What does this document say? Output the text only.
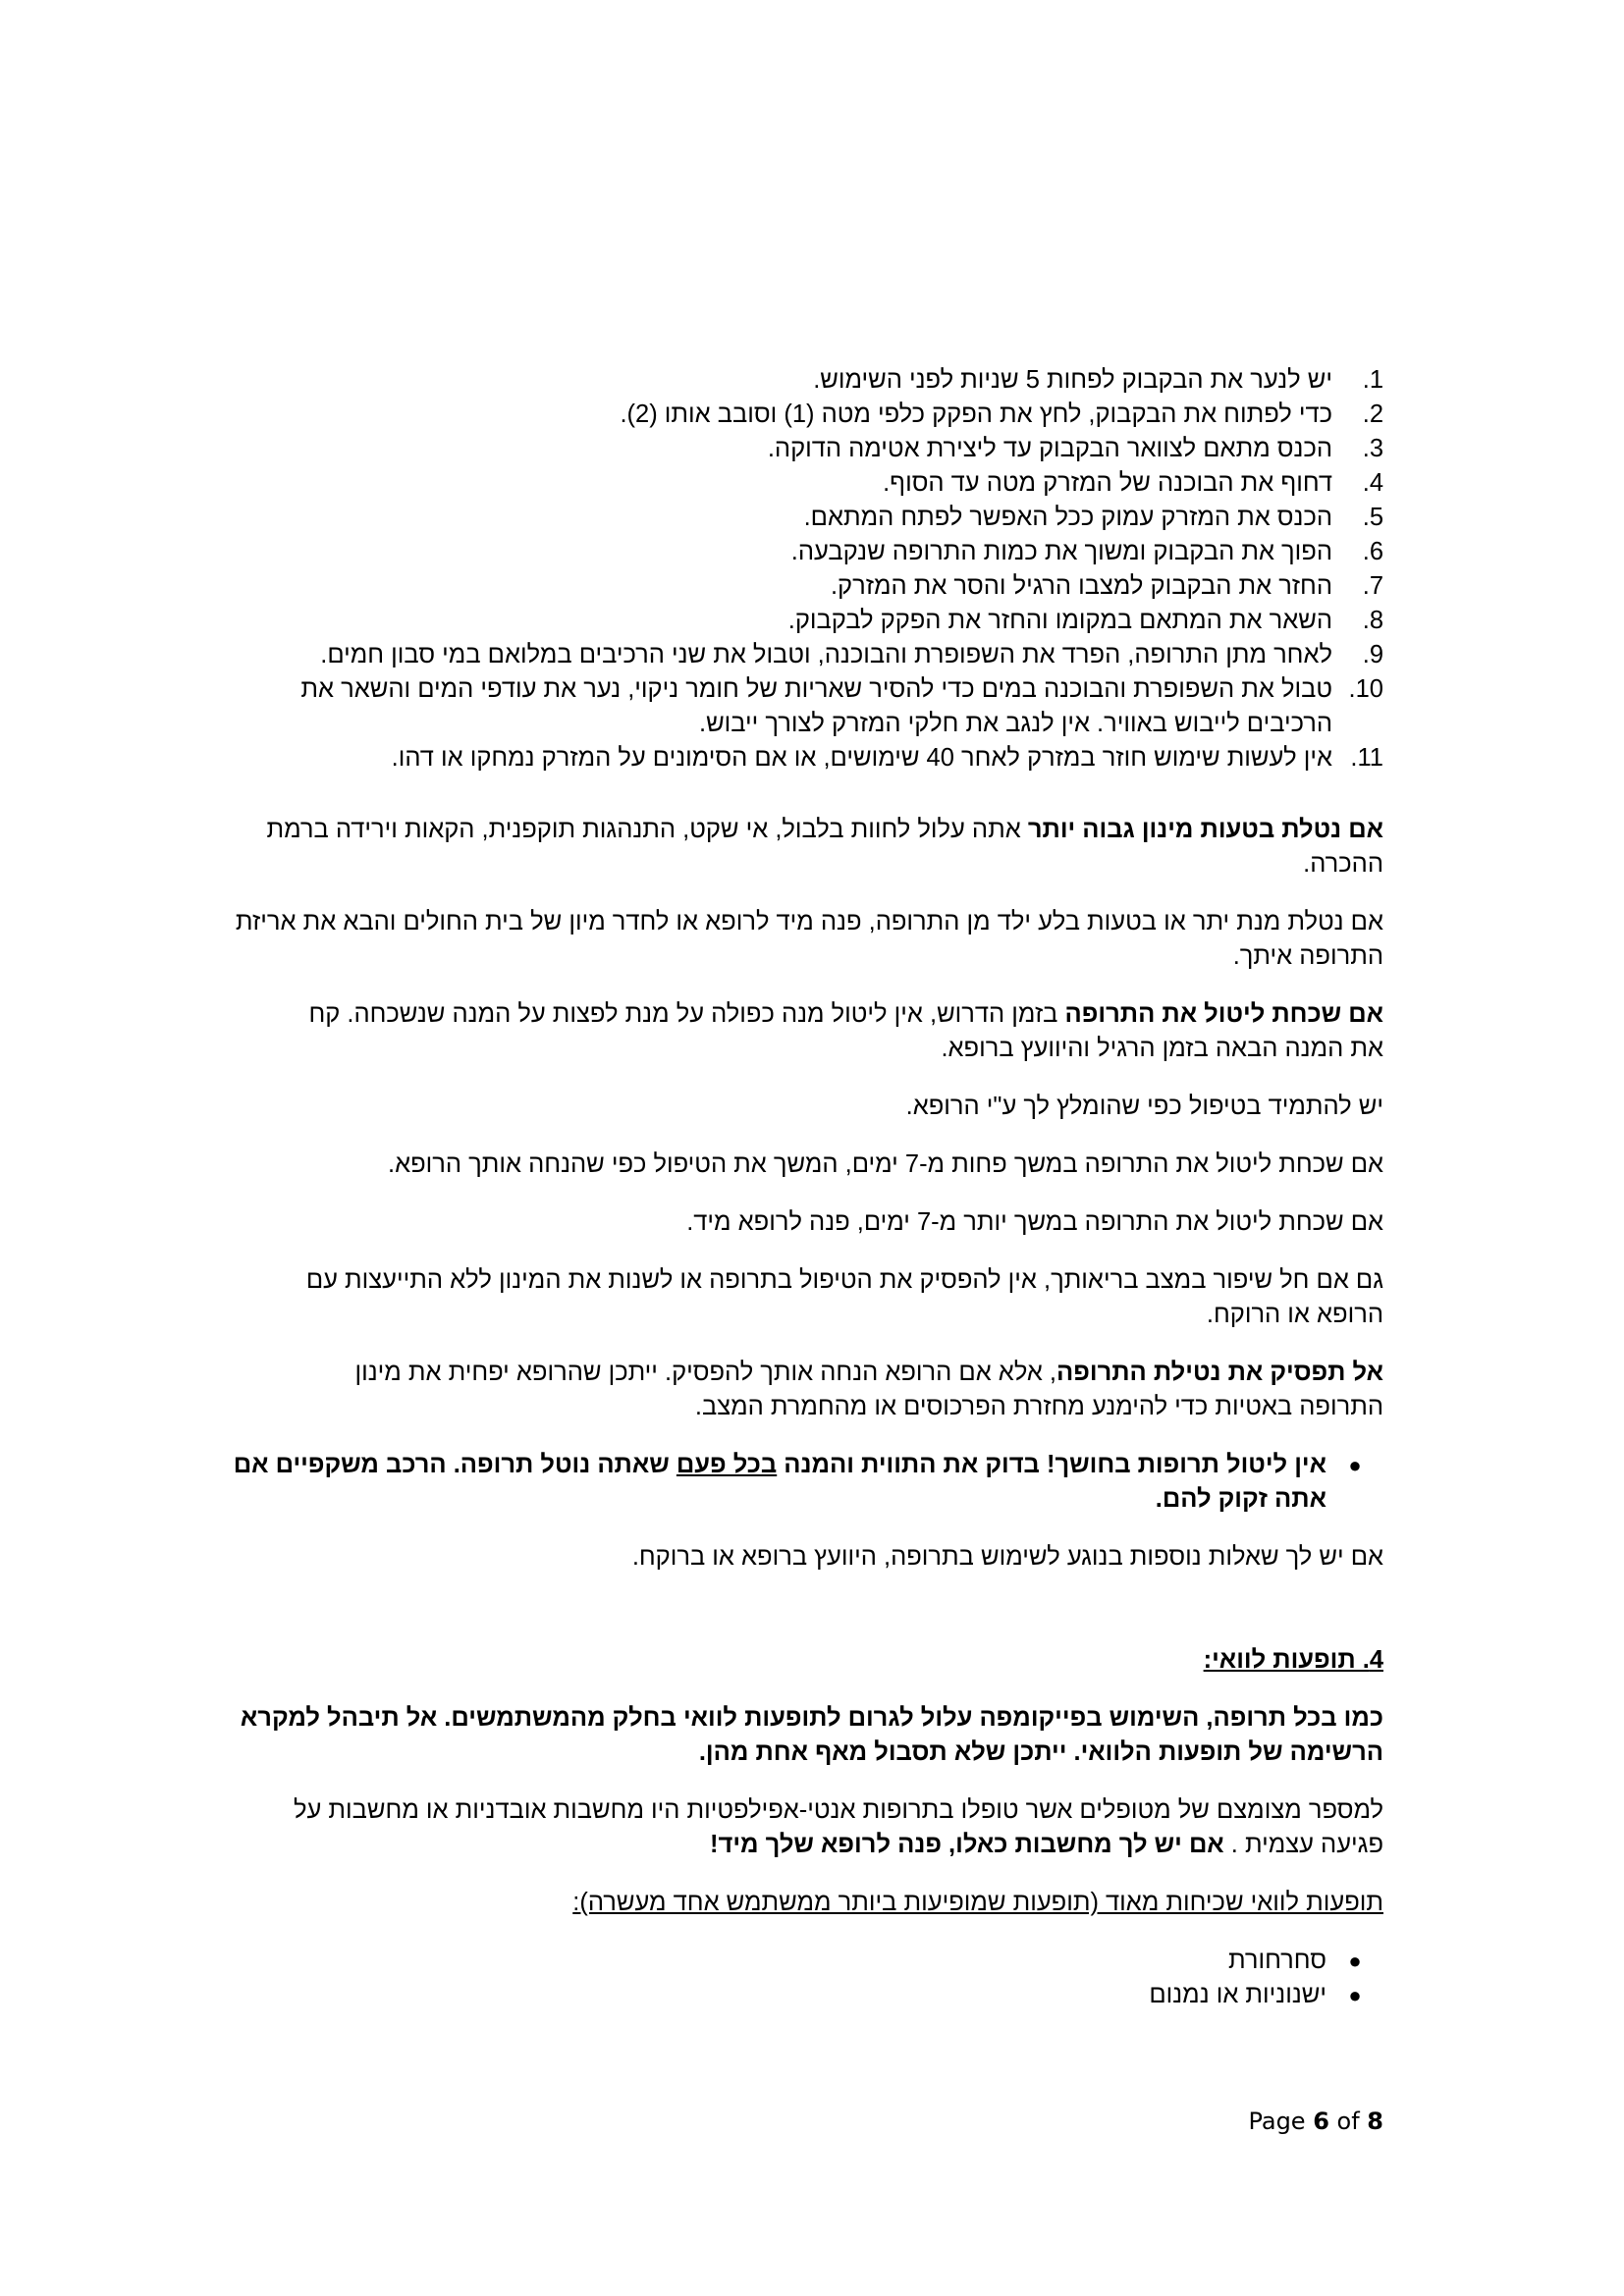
1.
יש לנער את הבקבוק לפחות 5 שניות לפני השימוש.
2.
כדי לפתוח את הבקבוק, לחץ את הפקק כלפי מטה (1) וסובב אותו (2).
3.
הכנס מתאם לצוואר הבקבוק עד ליצירת אטימה הדוקה.
4.
דחוף את הבוכנה של המזרק מטה עד הסוף.
5.
הכנס את המזרק עמוק ככל האפשר לפתח המתאם.
6.
הפוך את הבקבוק ומשוך את כמות התרופה שנקבעה.
7.
החזר את הבקבוק למצבו הרגיל והסר את המזרק.
8.
השאר את המתאם במקומו והחזר את הפקק לבקבוק.
9.
לאחר מתן התרופה, הפרד את השפופרת והבוכנה, וטבול את שני הרכיבים במלואם במי סבון חמים.
10.
טבול את השפופרת והבוכנה במים כדי להסיר שאריות של חומר ניקוי, נער את עודפי המים והשאר את הרכיבים לייבוש באוויר. אין לנגב את חלקי המזרק לצורך ייבוש.
11.
אין לעשות שימוש חוזר במזרק לאחר 40 שימושים, או אם הסימונים על המזרק נמחקו או דהו.

אם נטלת בטעות מינון גבוה יותר אתה עלול לחוות בלבול, אי שקט, התנהגות תוקפנית, הקאות וירידה ברמת ההכרה.

אם נטלת מנת יתר או בטעות בלע ילד מן התרופה, פנה מיד לרופא או לחדר מיון של בית החולים והבא את אריזת התרופה איתך.

אם שכחת ליטול את התרופה בזמן הדרוש, אין ליטול מנה כפולה על מנת לפצות על המנה שנשכחה. קח את המנה הבאה בזמן הרגיל והיוועץ ברופא.

יש להתמיד בטיפול כפי שהומלץ לך ע"י הרופא.

אם שכחת ליטול את התרופה במשך פחות מ-7 ימים, המשך את הטיפול כפי שהנחה אותך הרופא.

אם שכחת ליטול את התרופה במשך יותר מ-7 ימים, פנה לרופא מיד.

גם אם חל שיפור במצב בריאותך, אין להפסיק את הטיפול בתרופה או לשנות את המינון ללא התייעצות עם הרופא או הרוקח.

אל תפסיק את נטילת התרופה, אלא אם הרופא הנחה אותך להפסיק. ייתכן שהרופא יפחית את מינון התרופה באטיות כדי להימנע מחזרת הפרכוסים או מהחמרת המצב.

●
אין ליטול תרופות בחושך! בדוק את התווית והמנה בכל פעם שאתה נוטל תרופה. הרכב משקפיים אם אתה זקוק להם.

אם יש לך שאלות נוספות בנוגע לשימוש בתרופה, היוועץ ברופא או ברוקח.

4. תופעות לוואי:

כמו בכל תרופה, השימוש בפייקומפה עלול לגרום לתופעות לוואי בחלק מהמשתמשים. אל תיבהל למקרא הרשימה של תופעות הלוואי. ייתכן שלא תסבול מאף אחת מהן.

למספר מצומצם של מטופלים אשר טופלו בתרופות אנטי-אפילפטיות היו מחשבות אובדניות או מחשבות על פגיעה עצמית . אם יש לך מחשבות כאלו, פנה לרופא שלך מיד!

תופעות לוואי שכיחות מאוד (תופעות שמופיעות ביותר ממשתמש אחד מעשרה):

●
סחרחורת
●
ישנוניות או נמנום
Page 6 of 8
